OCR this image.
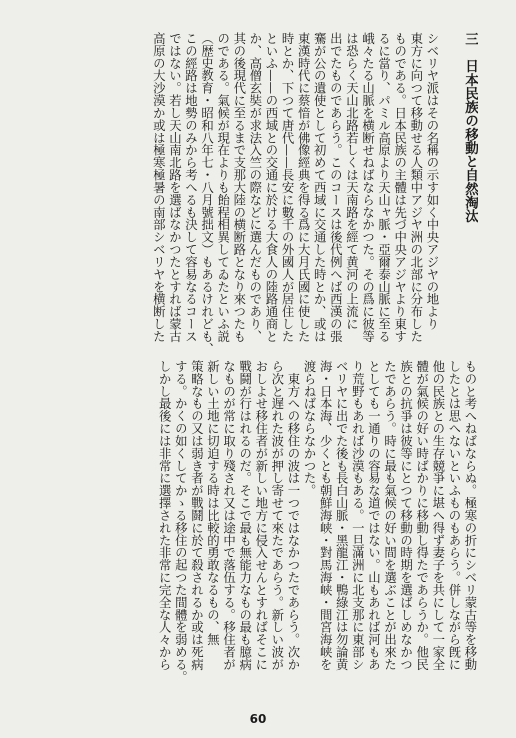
三　日本民族の移動と自然淘汰
シベリヤ派はその名稱の示す如く中央アジヤの地より
東方に向つて移動せる人類中アジヤ洲の北部に分布した
ものである。日本民族の主體は先づ中央アジヤより東す
るに當り、パミル高原より天山ャ脈・亞爾泰山脈に至る
峨々たる山脈を横断せねばならなかつた。その爲に彼等
は恐らく天山北路若しくは天南路を經て黄河の上流に
出でたものであらう。このコースは後代例へば西漢の張
騫が公の遺使として初めて西域に交通した時とか、或は
東漢時代に蔡愔が佛像經典を得る爲に大月氏國に使した
時とか、下つて唐代——長安に數千の外國人が居住した
といふ——の西域との交通に於ける大食人の陸路通商と
か、高僧玄奘が求法入竺の際などに選んだものであり、
其の後現代に至るまで支那大陸の横断路となり來つたも
のである。氣候が現在よりも飴程相異してゐたといふ説
（歴史教育・昭和八年七・八月號拙文）もあるけれども、
この經路は地勢のみから考へるも決して容易なるコース
ではない。若し天山南北路を選ばなかつたとすれば蒙古
高原の大沙漠か或は極寒極暑の南部シベリヤを横断した
60
ものと考へねばならぬ。極寒の折にシベリ蒙古等を移動
したとは思へないといふものもあらう。併しながら旣に
他の民族との生存競爭に堪へ得ず妻子を共にして一家全
體が氣候の好い時ばかりに移動し得たであらうか。他民
族との抗爭は彼等にとつて移動の時期を選ばしめなかつ
たであらう。時に最も氣候の好い間を選ぶことが出來た
としても一通りの容易な道ではない。山もあれば河もあ
り荒野もあれば沙漠もある。一旦滿洲に北支那に東部シ
ベリヤに出でた後も長白山脈・黑龍江・鴨綠江は勿論黄
海・日本海、少くとも朝鮮海峡・對馬海峡・間宮海峡を
渡らねばならなかつた。
　東方への移住の波は一つではなかつたであらう。次か
ら次と遅れた波が押し寄せて來たであらう。新しい波が
おしよせ移住者が新しい地方に侵入せんとすればそこに
戰鬪が行はれるのだ。そこで最も無能力なもの最も臆病
なものが常に取り殘され又は途中で落伍する。移住者が
新しい土地に切迫する時は比較的勇敢なるもの、無
策略なもの又は弱き者が戰鬪に於て殺されるか或は死病
する。かくの如くしてかゝる移住の起つた間體を弱める。
しかし最後には非常に選擇された非常に完全な人々から
